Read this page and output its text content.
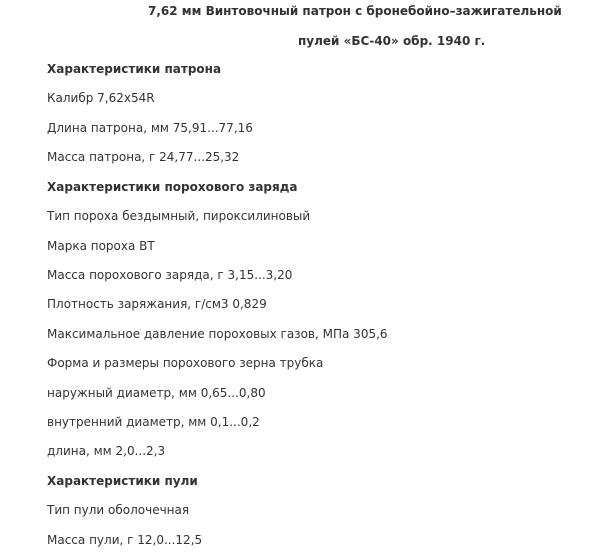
7,62 мм Винтовочный патрон с бронебойно–зажигательной
пулей «БС-40» обр. 1940 г.
Характеристики патрона
Калибр 7,62х54R
Длина патрона, мм 75,91...77,16
Масса патрона, г 24,77...25,32
Характеристики порохового заряда
Тип пороха бездымный, пироксилиновый
Марка пороха ВТ
Масса порохового заряда, г 3,15...3,20
Плотность заряжания, г/см3 0,829
Максимальное давление пороховых газов, МПа 305,6
Форма и размеры порохового зерна трубка
наружный диаметр, мм 0,65...0,80
внутренний диаметр, мм 0,1...0,2
длина, мм 2,0...2,3
Характеристики пули
Тип пули оболочечная
Масса пули, г 12,0...12,5
